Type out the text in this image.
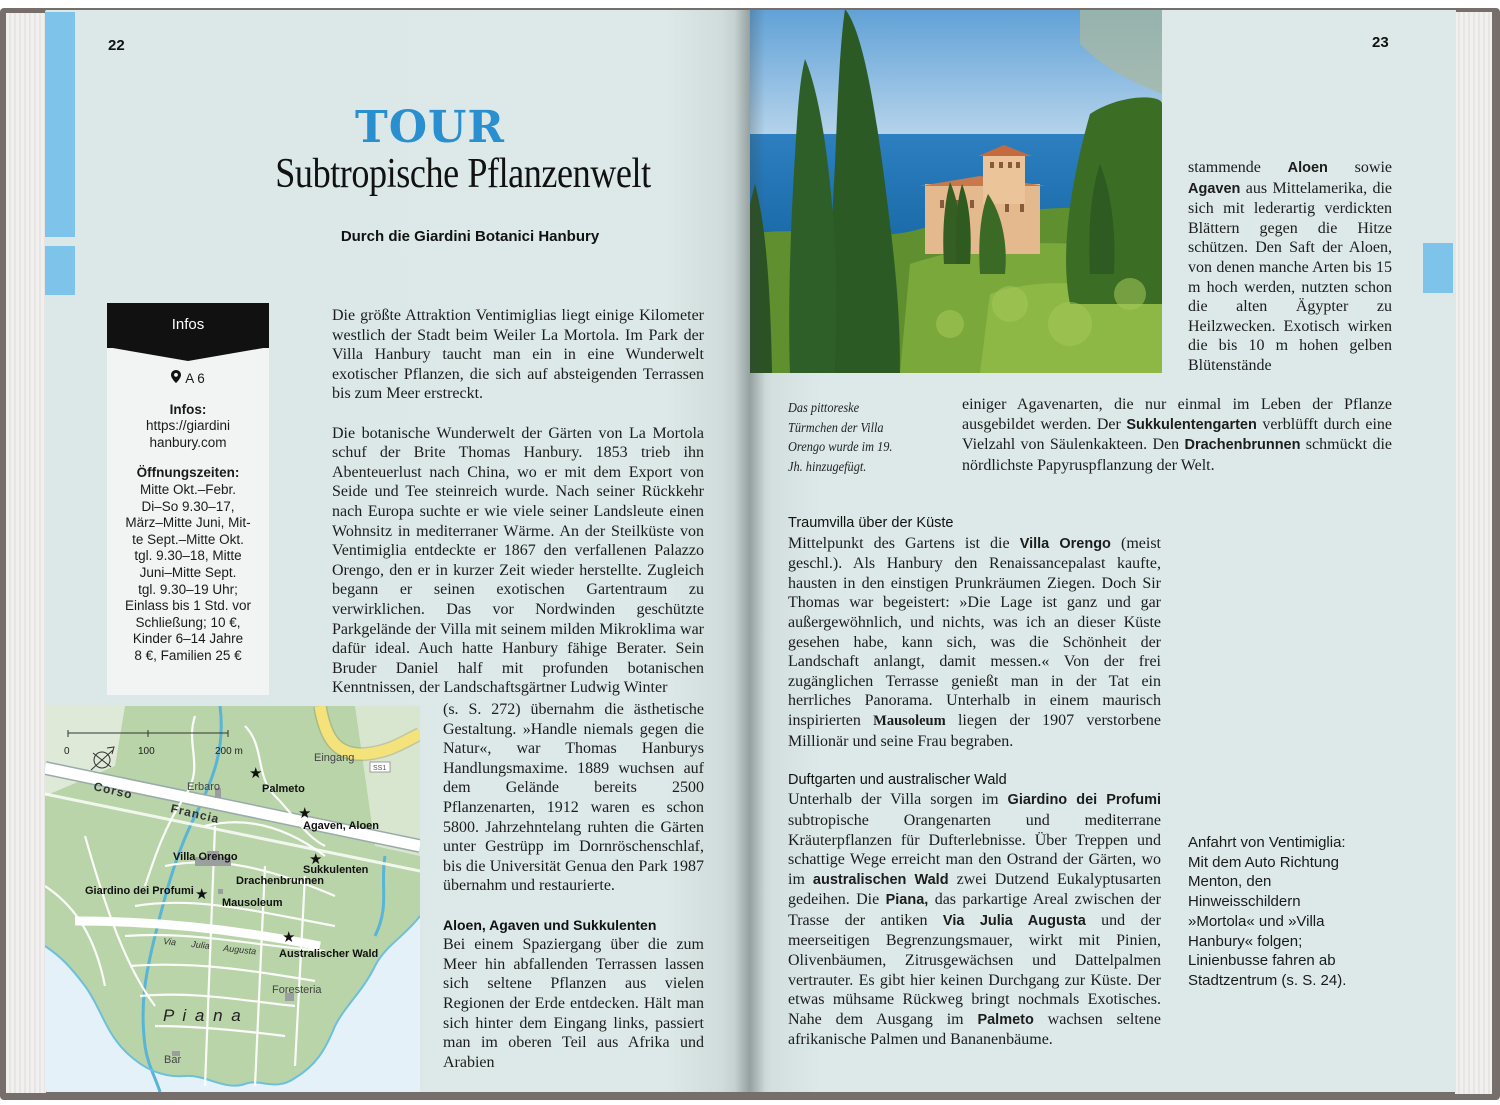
22
TOUR
Subtropische Pflanzenwelt
Durch die Giardini Botanici Hanbury
Infos
A 6
Infos:
https://giardini
hanbury.com
Öffnungszeiten:
Mitte Okt.–Febr.
Di–So 9.30–17,
März–Mitte Juni, Mit-
te Sept.–Mitte Okt.
tgl. 9.30–18, Mitte
Juni–Mitte Sept.
tgl. 9.30–19 Uhr;
Einlass bis 1 Std. vor
Schließung; 10 €,
Kinder 6–14 Jahre
8 €, Familien 25 €

Die größte Attraktion Ventimiglias liegt einige Kilometer westlich der Stadt beim Weiler La Mortola. Im Park der Villa Hanbury taucht man ein in eine Wunderwelt exotischer Pflanzen, die sich auf absteigenden Terrassen bis zum Meer erstreckt.

Die botanische Wunderwelt der Gärten von La Mortola schuf der Brite Thomas Hanbury. 1853 trieb ihn Abenteuerlust nach China, wo er mit dem Export von Seide und Tee steinreich wurde. Nach seiner Rückkehr nach Europa suchte er wie viele seiner Landsleute einen Wohnsitz in mediterraner Wärme. An der Steilküste von Ventimiglia entdeckte er 1867 den verfallenen Palazzo Orengo, den er in kurzer Zeit wieder herstellte. Zugleich begann er seinen exotischen Gartentraum zu verwirklichen. Das vor Nordwinden geschützte Parkgelände der Villa mit seinem milden Mikroklima war dafür ideal. Auch hatte Hanbury fähige Berater. Sein Bruder Daniel half mit profunden botanischen Kenntnissen, der Landschaftsgärtner Ludwig Winter

(s. S. 272) übernahm die ästhetische Gestaltung. »Handle niemals gegen die Natur«, war Thomas Hanburys Handlungsmaxime. 1889 wuchsen auf dem Gelände bereits 2500 Pflanzenarten, 1912 waren es schon 5800. Jahrzehntelang ruhten die Gärten unter Gestrüpp im Dornröschenschlaf, bis die Universität Genua den Park 1987 übernahm und restaurierte.

Aloen, Agaven und Sukkulenten

Bei einem Spaziergang über die zum Meer hin abfallenden Terrassen lassen sich seltene Pflanzen aus vielen Regionen der Erde entdecken. Hält man sich hinter dem Eingang links, passiert man im oberen Teil aus Afrika und Arabien

SS1
0	100	200 m
Corso
Francia
Via Julia Augusta
Eingang
Erbaro
Foresteria
Bar
P i a n a
★
★
★
★
★
Palmeto
Agaven, Aloen
Villa Orengo
Sukkulenten
Drachenbrunnen
Giardino dei Profumi
Mausoleum
Australischer Wald
23
Das pittoreske Türmchen der Villa Orengo wurde im 19. Jh. hinzugefügt.
stammende Aloen sowie Agaven aus Mittelamerika, die sich mit lederartig verdickten Blättern gegen die Hitze schützen. Den Saft der Aloen, von denen manche Arten bis 15 m hoch werden, nutzten schon die alten Ägypter zu Heilzwecken. Exotisch wirken die bis 10 m hohen gelben Blütenstände
einiger Agavenarten, die nur einmal im Leben der Pflanze ausgebildet werden. Der Sukkulentengarten verblüfft durch eine Vielzahl von Säulenkakteen. Den Drachenbrunnen schmückt die nördlichste Papyruspflanzung der Welt.
Traumvilla über der Küste

Mittelpunkt des Gartens ist die Villa Orengo (meist geschl.). Als Hanbury den Renaissancepalast kaufte, hausten in den einstigen Prunkräumen Ziegen. Doch Sir Thomas war begeistert: »Die Lage ist ganz und gar außergewöhnlich, und nichts, was ich an dieser Küste gesehen habe, kann sich, was die Schönheit der Landschaft anlangt, damit messen.« Von der frei zugänglichen Terrasse genießt man in der Tat ein herrliches Panorama. Unterhalb in einem maurisch inspirierten Mausoleum liegen der 1907 verstorbene Millionär und seine Frau begraben.

Duftgarten und australischer Wald

Unterhalb der Villa sorgen im Giardino dei Profumi subtropische Orangenarten und mediterrane Kräuterpflanzen für Dufterlebnisse. Über Treppen und schattige Wege erreicht man den Ostrand der Gärten, wo im australischen Wald zwei Dutzend Eukalyptusarten gedeihen. Die Piana, das parkartige Areal zwischen der Trasse der antiken Via Julia Augusta und der meerseitigen Begrenzungsmauer, wirkt mit Pinien, Olivenbäumen, Zitrusgewächsen und Dattelpalmen vertrauter. Es gibt hier keinen Durchgang zur Küste. Der etwas mühsame Rückweg bringt nochmals Exotisches. Nahe dem Ausgang im Palmeto wachsen seltene afrikanische Palmen und Bananenbäume.

Anfahrt von Ventimiglia: Mit dem Auto Richtung Menton, den Hinweisschildern »Mortola« und »Villa Hanbury« folgen; Linienbusse fahren ab Stadtzentrum (s. S. 24).
